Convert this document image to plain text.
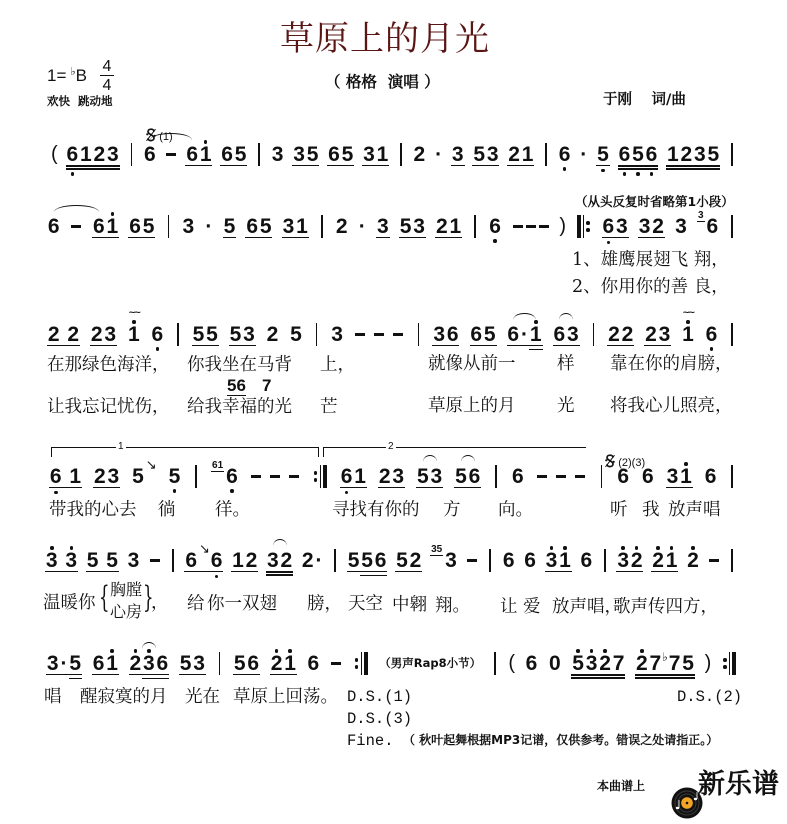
草原上的月光
（ 格格  演唱 ）
于刚　 词/曲
1= ♭ B 4
4
欢快  跳动地

(1)

(2)(3)
（从头反复时省略第1小段）
1	2
( 6 1 2 3 6 6 1 6 5 3 3 5 6 5 3 1 2 · 3 5 3 2 1 6 · 5 6 5 6 1 2 3 5
6 6 1 6 5 3 · 5 6 5 3 1 2 · 3 5 3 2 1 6	) 6 3 3 2 3 3 6
2 2 2 3 1
~~
6 5 5 5 3 2 5 3	3 6 6 5 6 · 1 6 3 2 2 2 3 1
~~
6
6 1 2 3 5 ↘ 5	61 6	6 1 2 3 5 3 5 6 6	6 6 3 1 6
3 3 5 5 3 6 ↘ 6 1 2 3 2 2 · 5 5 6 5 2 35 3 6 6 3 1 6 3 2 2 1 2
3 · 5 6 1 2 3 6 5 3 5 6 2 1 6	（男声Rap8小节） ( 6 0 5 3 2 7 2 7 ♭ 7 5 )
1、雄鹰展翅飞 翔，
2、你用你的善 良，
在那绿色海洋， 你我坐在马背 上，	就像从前一 样 靠在你的肩膀，
56 7
让我忘记忧伤， 给我幸福的光 芒	草原上的月 光 将我心儿照亮，
带我的心去 徜 徉。	寻找有你的 方 向。	听 我 放声唱
温暖你 { 胸膛
心房 }
， 给 你一双翅 膀， 天空 中翱 翔。 让 爱 放声唱，
歌声传四方，
唱 醒寂寞的月 光在 草原上回荡。 D.S.(1)	D.S.(2)
D.S.(3)
Fine. （ 秋叶起舞根据MP3记谱，仅供参考。错误之处请指正。）
本曲谱上

新乐谱
